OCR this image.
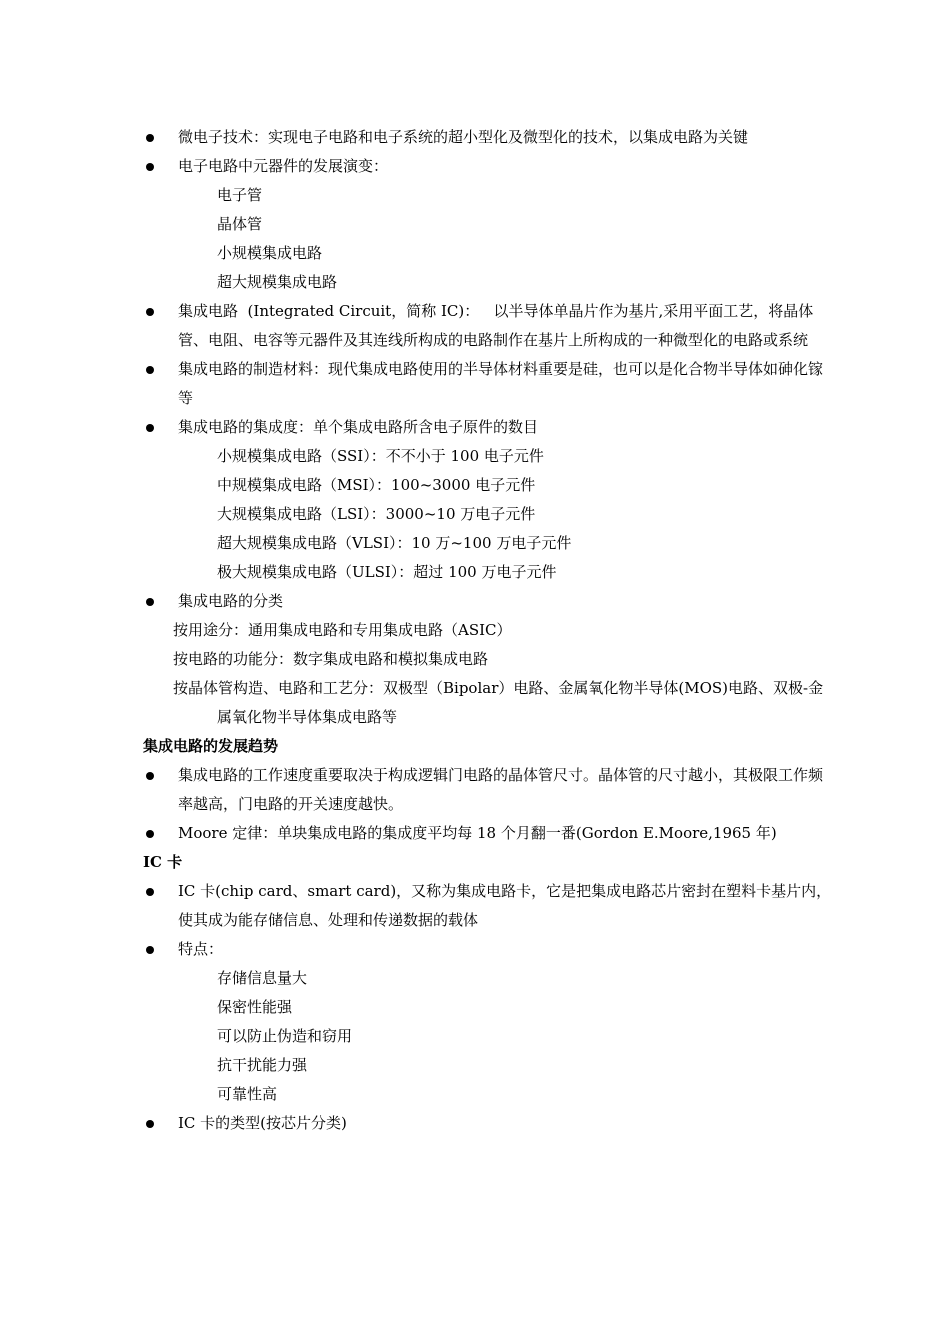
微电子技术：实现电子电路和电子系统的超小型化及微型化的技术，以集成电路为关键
电子电路中元器件的发展演变：
电子管
晶体管
小规模集成电路
超大规模集成电路
集成电路  (Integrated Circuit，简称 IC)：   以半导体单晶片作为基片,采用平面工艺，将晶体管、电阻、电容等元器件及其连线所构成的电路制作在基片上所构成的一种微型化的电路或系统
集成电路的制造材料：现代集成电路使用的半导体材料重要是硅，也可以是化合物半导体如砷化镓等
集成电路的集成度：单个集成电路所含电子原件的数目
小规模集成电路（SSI）：不不小于 100 电子元件
中规模集成电路（MSI）：100~3000 电子元件
大规模集成电路（LSI）：3000~10 万电子元件
超大规模集成电路（VLSI）：10 万~100 万电子元件
极大规模集成电路（ULSI）：超过 100 万电子元件
集成电路的分类
按用途分：通用集成电路和专用集成电路（ASIC）
按电路的功能分：数字集成电路和模拟集成电路
按晶体管构造、电路和工艺分：双极型（Bipolar）电路、金属氧化物半导体(MOS)电路、双极-金属氧化物半导体集成电路等
集成电路的发展趋势
集成电路的工作速度重要取决于构成逻辑门电路的晶体管尺寸。晶体管的尺寸越小，其极限工作频率越高，门电路的开关速度越快。
Moore 定律：单块集成电路的集成度平均每 18 个月翻一番(Gordon E.Moore,1965 年)
IC 卡
IC 卡(chip card、smart card)，又称为集成电路卡，它是把集成电路芯片密封在塑料卡基片内，使其成为能存储信息、处理和传递数据的载体
特点：
存储信息量大
保密性能强
可以防止伪造和窃用
抗干扰能力强
可靠性高
IC 卡的类型(按芯片分类)
